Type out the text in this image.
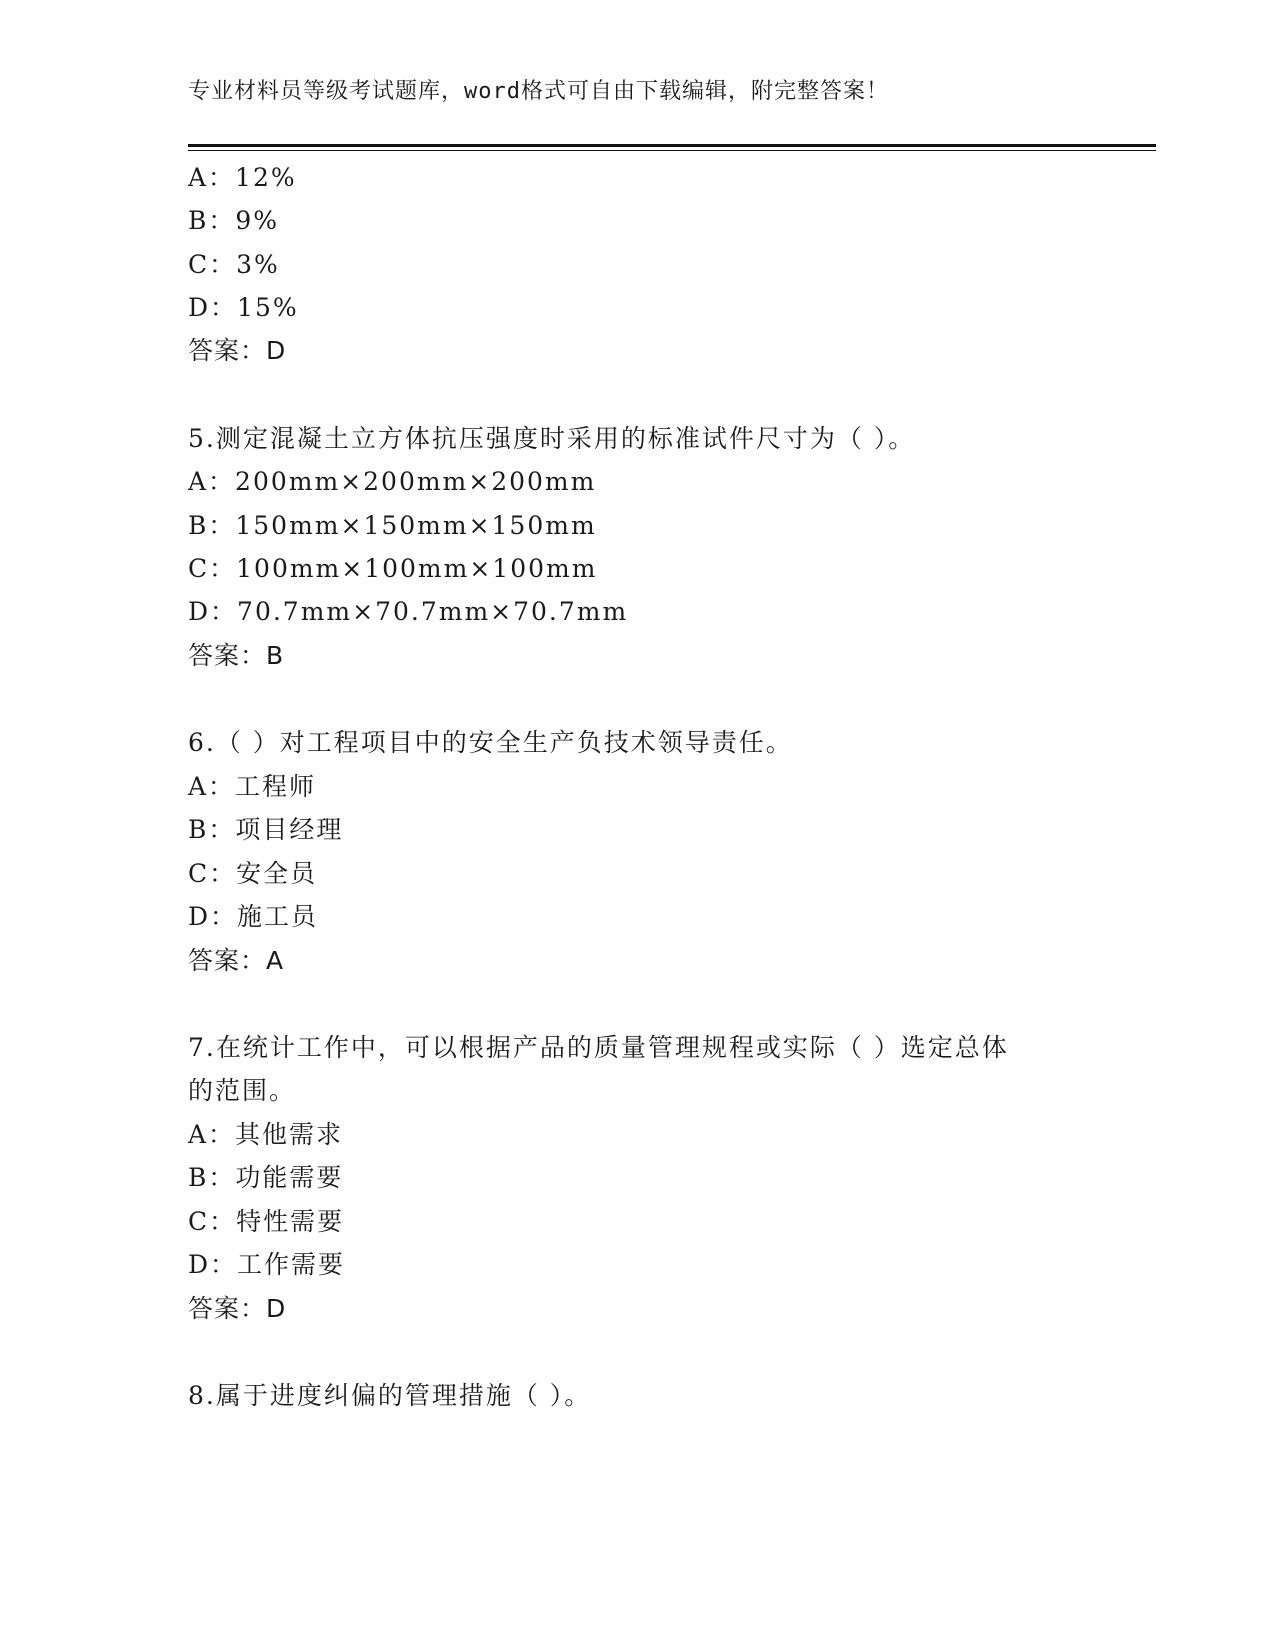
专业材料员等级考试题库，word格式可自由下载编辑，附完整答案！
A：12%
B：9%
C：3%
D：15%
答案：D
5.测定混凝土立方体抗压强度时采用的标准试件尺寸为（ ）。
A：200mm×200mm×200mm
B：150mm×150mm×150mm
C：100mm×100mm×100mm
D：70.7mm×70.7mm×70.7mm
答案：B
6.（ ）对工程项目中的安全生产负技术领导责任。
A：工程师
B：项目经理
C：安全员
D：施工员
答案：A
7.在统计工作中，可以根据产品的质量管理规程或实际（ ）选定总体
的范围。
A：其他需求
B：功能需要
C：特性需要
D：工作需要
答案：D
8.属于进度纠偏的管理措施（ ）。
